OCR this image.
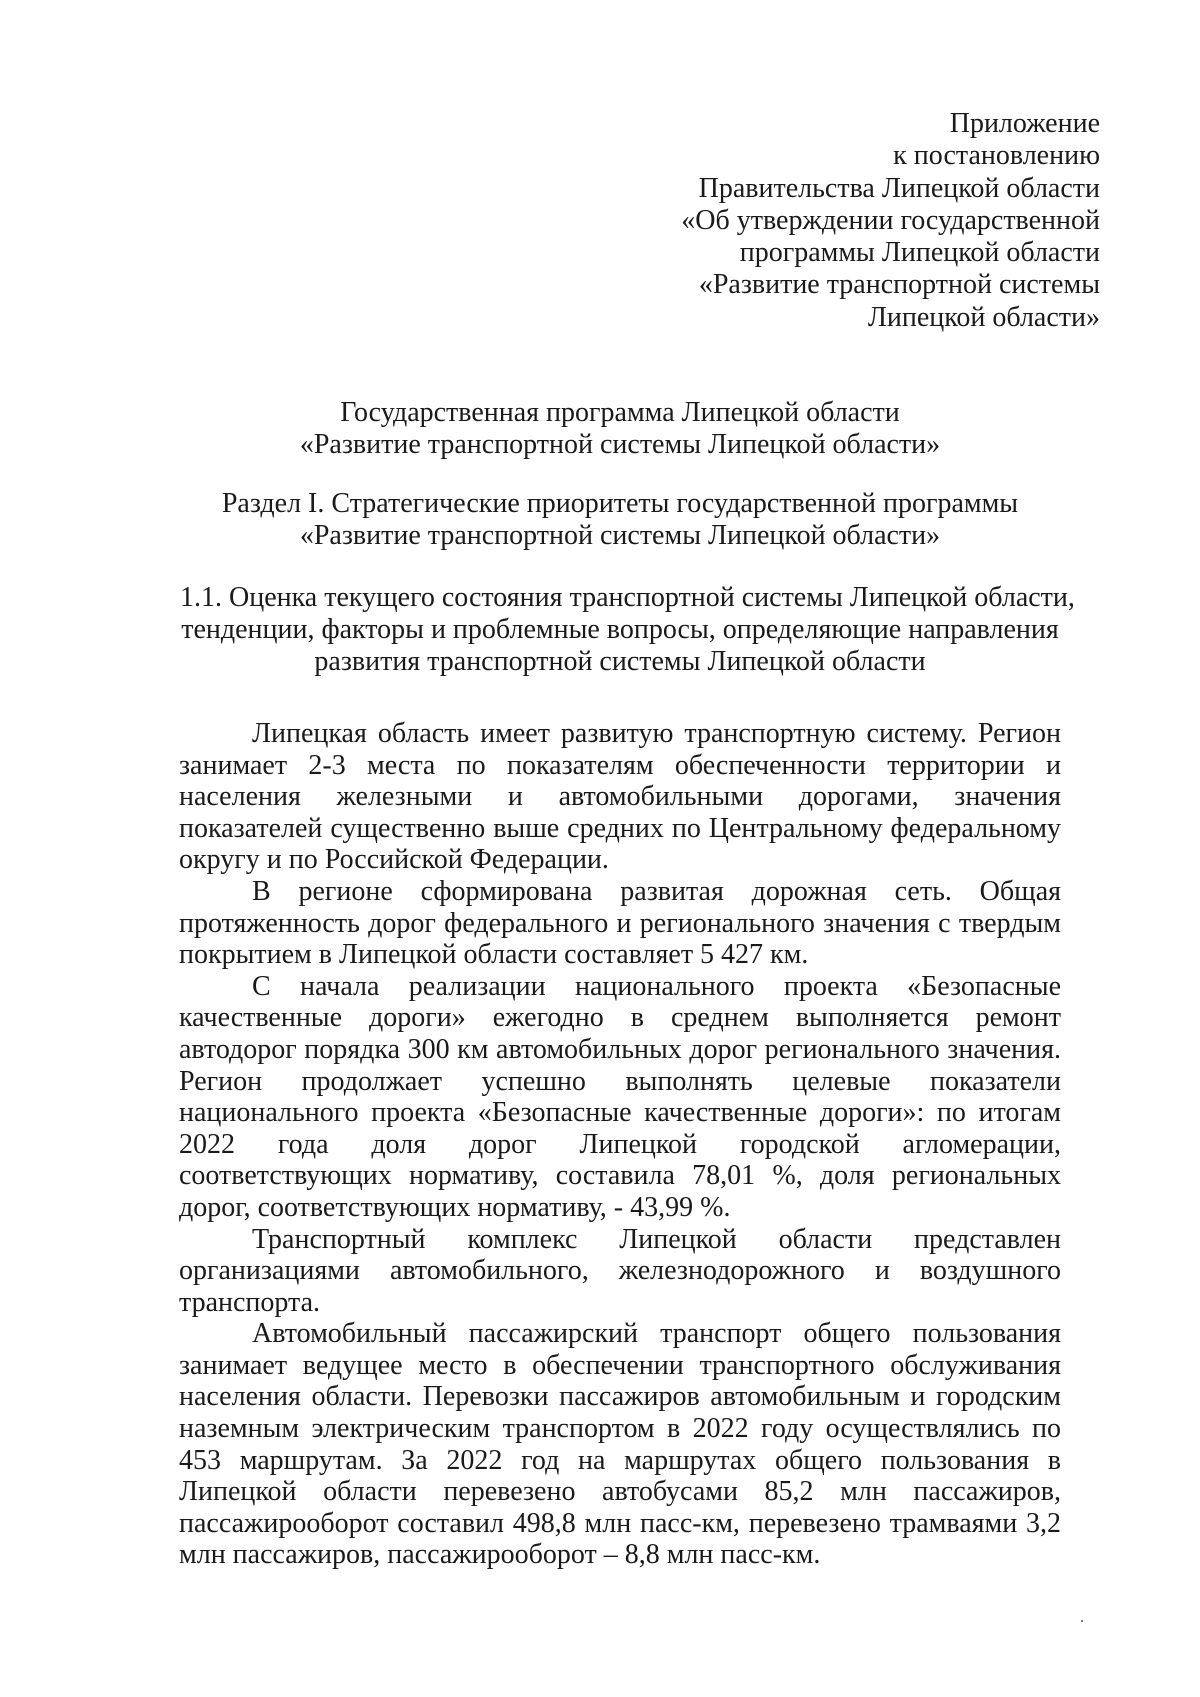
Приложение
к постановлению
Правительства Липецкой области
«Об утверждении государственной
программы Липецкой области
«Развитие транспортной системы
Липецкой области»
Государственная программа Липецкой области
«Развитие транспортной системы Липецкой области»
Раздел I. Стратегические приоритеты государственной программы
«Развитие транспортной системы Липецкой области»
1.1. Оценка текущего состояния транспортной системы Липецкой области,
тенденции, факторы и проблемные вопросы, определяющие направления
развития транспортной системы Липецкой области

Липецкая область имеет развитую транспортную систему. Регион занимает 2-3 места по показателям обеспеченности территории и населения железными и автомобильными дорогами, значения показателей существенно выше средних по Центральному федеральному округу и по Российской Федерации.

В регионе сформирована развитая дорожная сеть. Общая протяженность дорог федерального и регионального значения с твердым покрытием в Липецкой области составляет 5 427 км.

С начала реализации национального проекта «Безопасные качественные дороги» ежегодно в среднем выполняется ремонт автодорог порядка 300 км автомобильных дорог регионального значения. Регион продолжает успешно выполнять целевые показатели национального проекта «Безопасные качественные дороги»: по итогам 2022 года доля дорог Липецкой городской агломерации, соответствующих нормативу, составила 78,01 %, доля региональных дорог, соответствующих нормативу, - 43,99 %.

Транспортный комплекс Липецкой области представлен организациями автомобильного, железнодорожного и воздушного транспорта.

Автомобильный пассажирский транспорт общего пользования занимает ведущее место в обеспечении транспортного обслуживания населения области. Перевозки пассажиров автомобильным и городским наземным электрическим транспортом в 2022 году осуществлялись по 453 маршрутам. За 2022 год на маршрутах общего пользования в Липецкой области перевезено автобусами 85,2 млн пассажиров, пассажирооборот составил 498,8 млн пасс-км, перевезено трамваями 3,2 млн пассажиров, пассажирооборот – 8,8 млн пасс-км.
